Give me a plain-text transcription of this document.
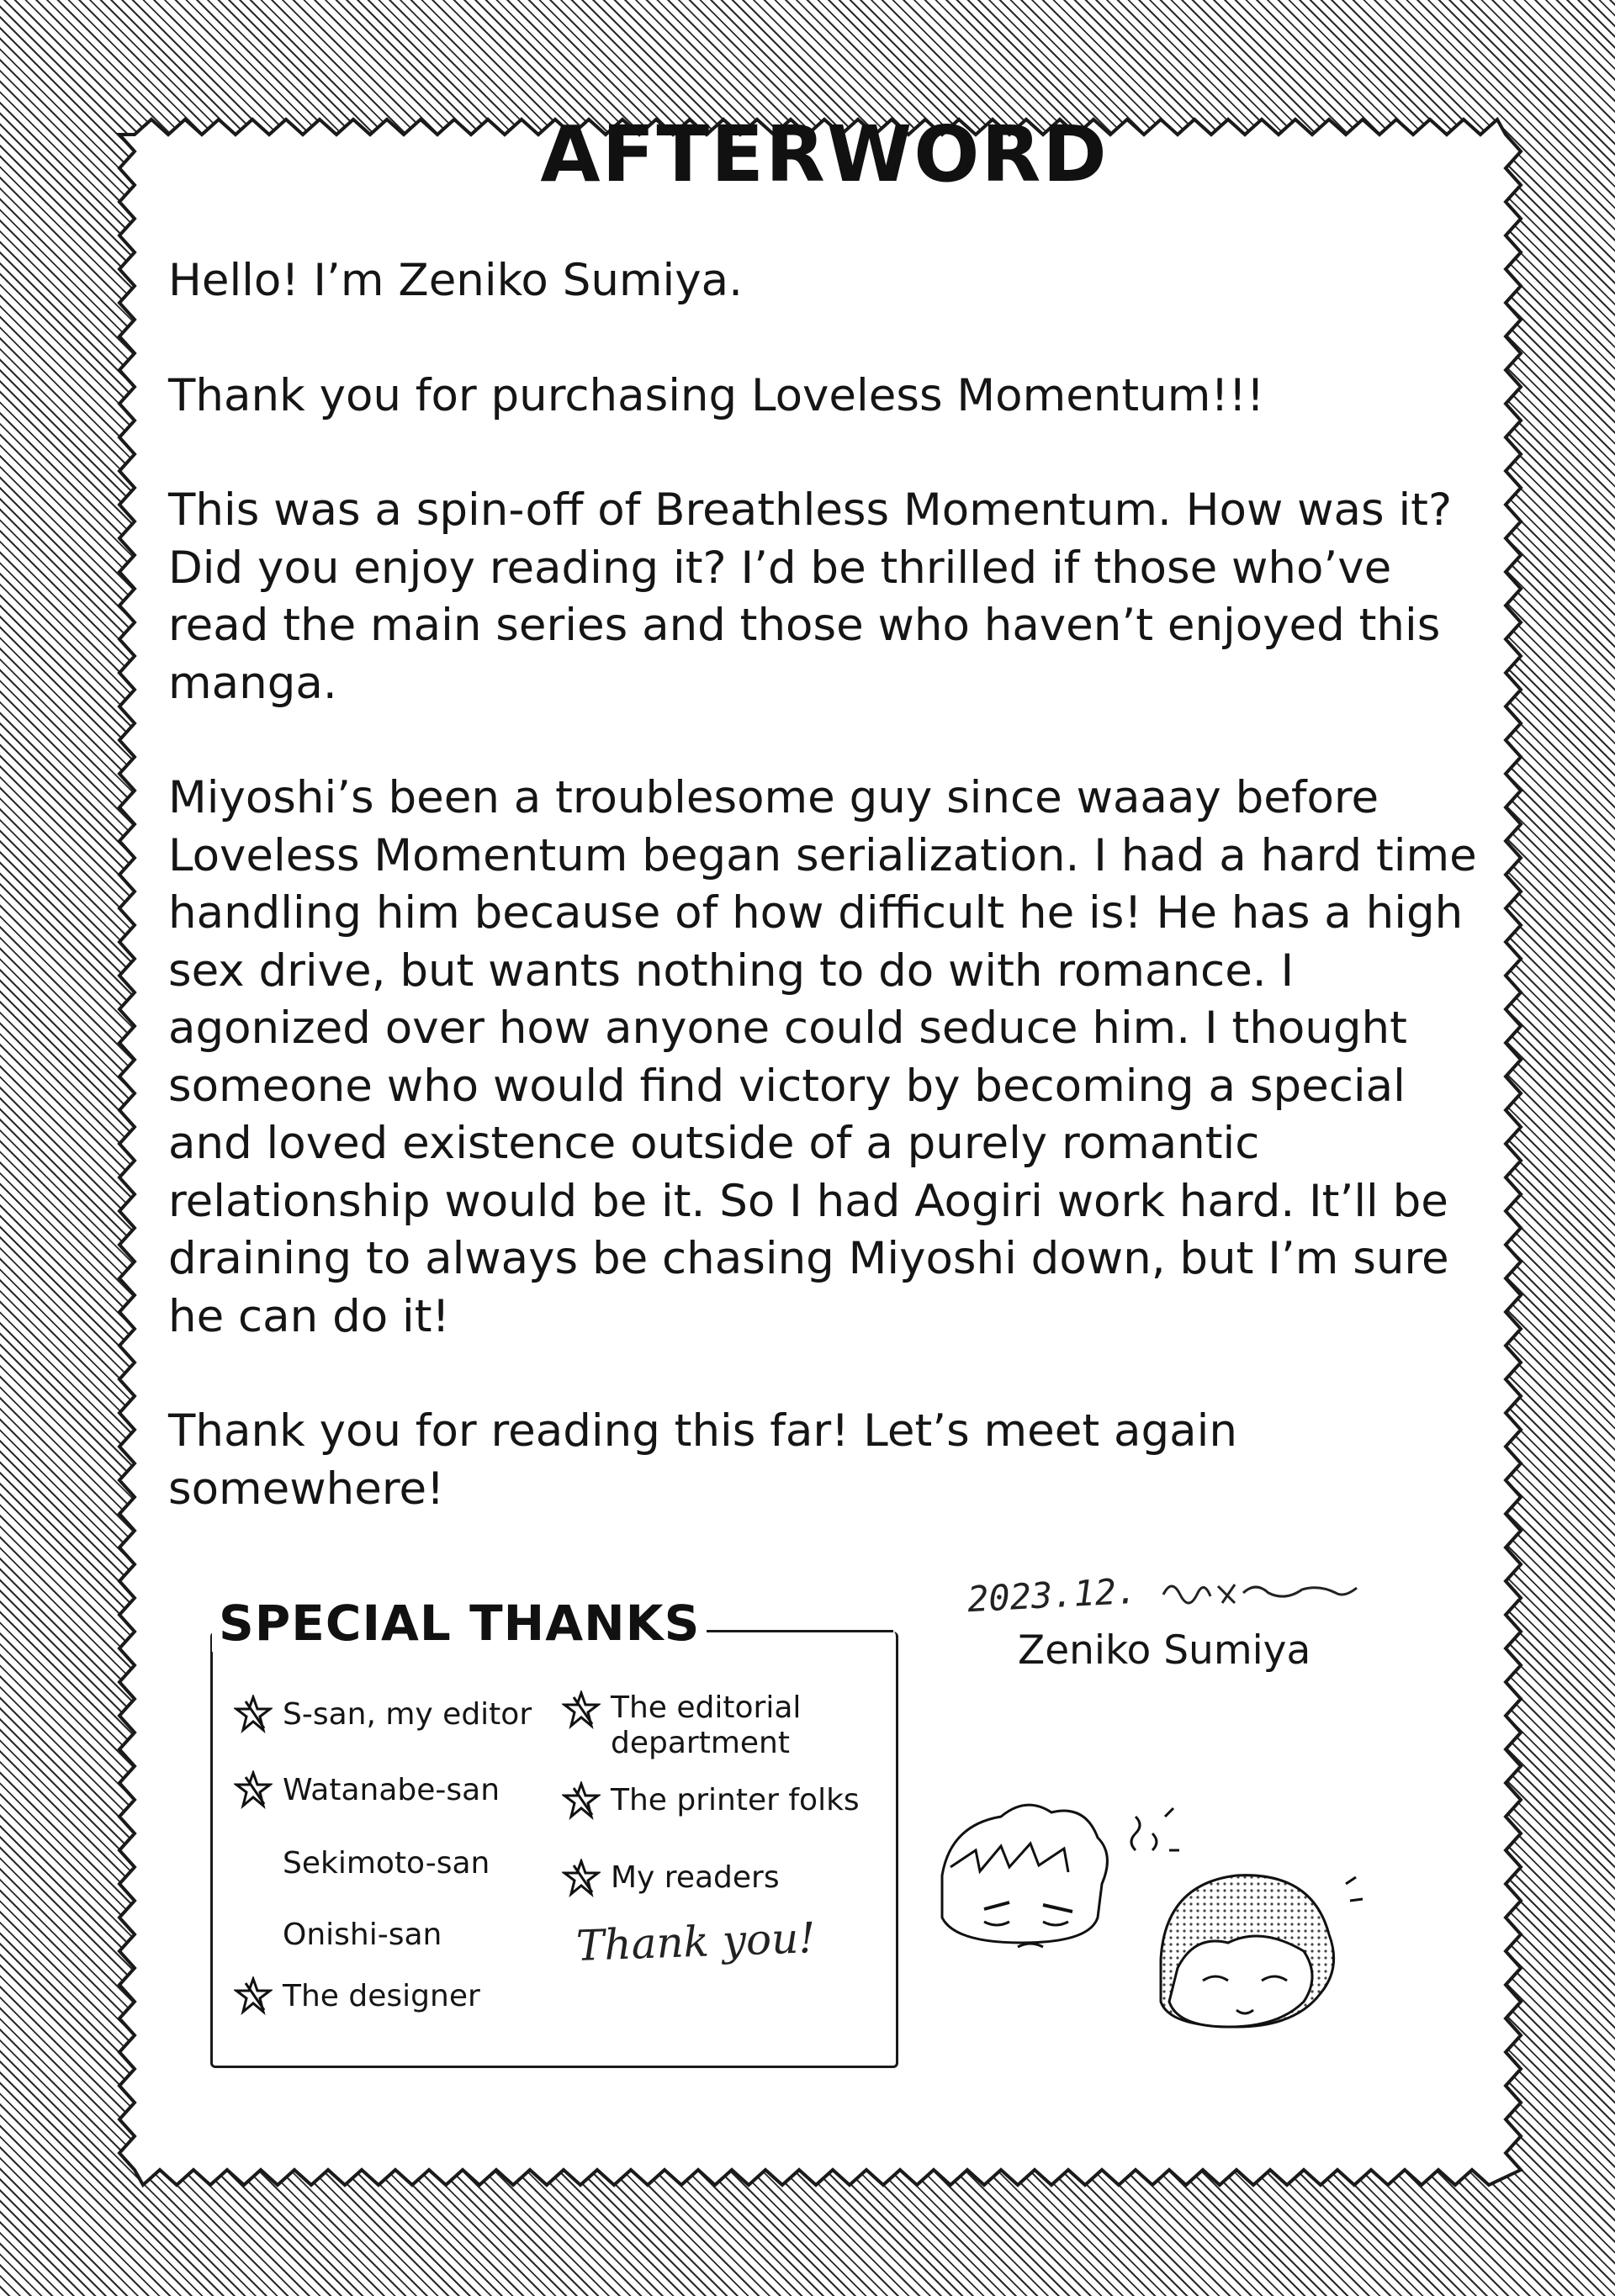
AFTERWORD

Hello! I’m Zeniko Sumiya.

Thank you for purchasing Loveless Momentum!!!

This was a spin-off of Breathless Momentum. How was it? Did you enjoy reading it? I’d be thrilled if those who’ve read the main series and those who haven’t enjoyed this manga.

Miyoshi’s been a troublesome guy since waaay before Loveless Momentum began serialization. I had a hard time handling him because of how difficult he is! He has a high sex drive, but wants nothing to do with romance. I agonized over how anyone could seduce him. I thought someone who would find victory by becoming a special and loved existence outside of a purely romantic relationship would be it. So I had Aogiri work hard. It’ll be draining to always be chasing Miyoshi down, but I’m sure he can do it!

Thank you for reading this far! Let’s meet again somewhere!

SPECIAL THANKS
S-san, my editor
Watanabe-san
Sekimoto-san
Onishi-san
The designer
The editorial department
The printer folks
My readers
Thank you!
2023.12.
Zeniko Sumiya
